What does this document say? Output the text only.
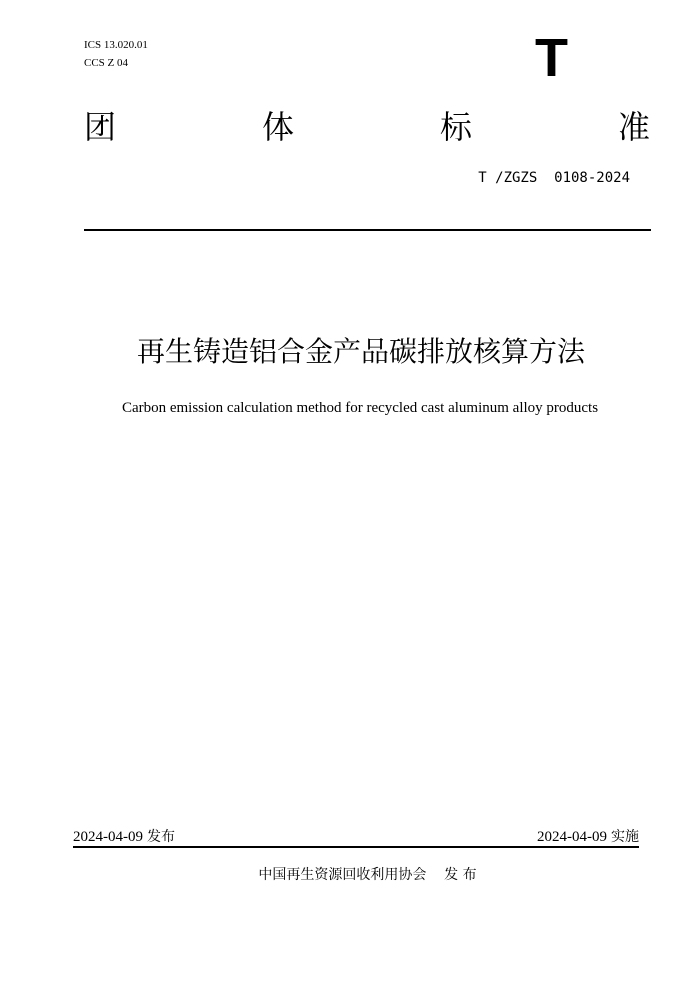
ICS 13.020.01
CCS Z 04	T
团	体	标	准
T /ZGZS  0108-2024
再生铸造铝合金产品碳排放核算方法
Carbon emission calculation method for recycled cast aluminum alloy products
2024-04-09 发布	2024-04-09 实施
中国再生资源回收利用协会 发 布
